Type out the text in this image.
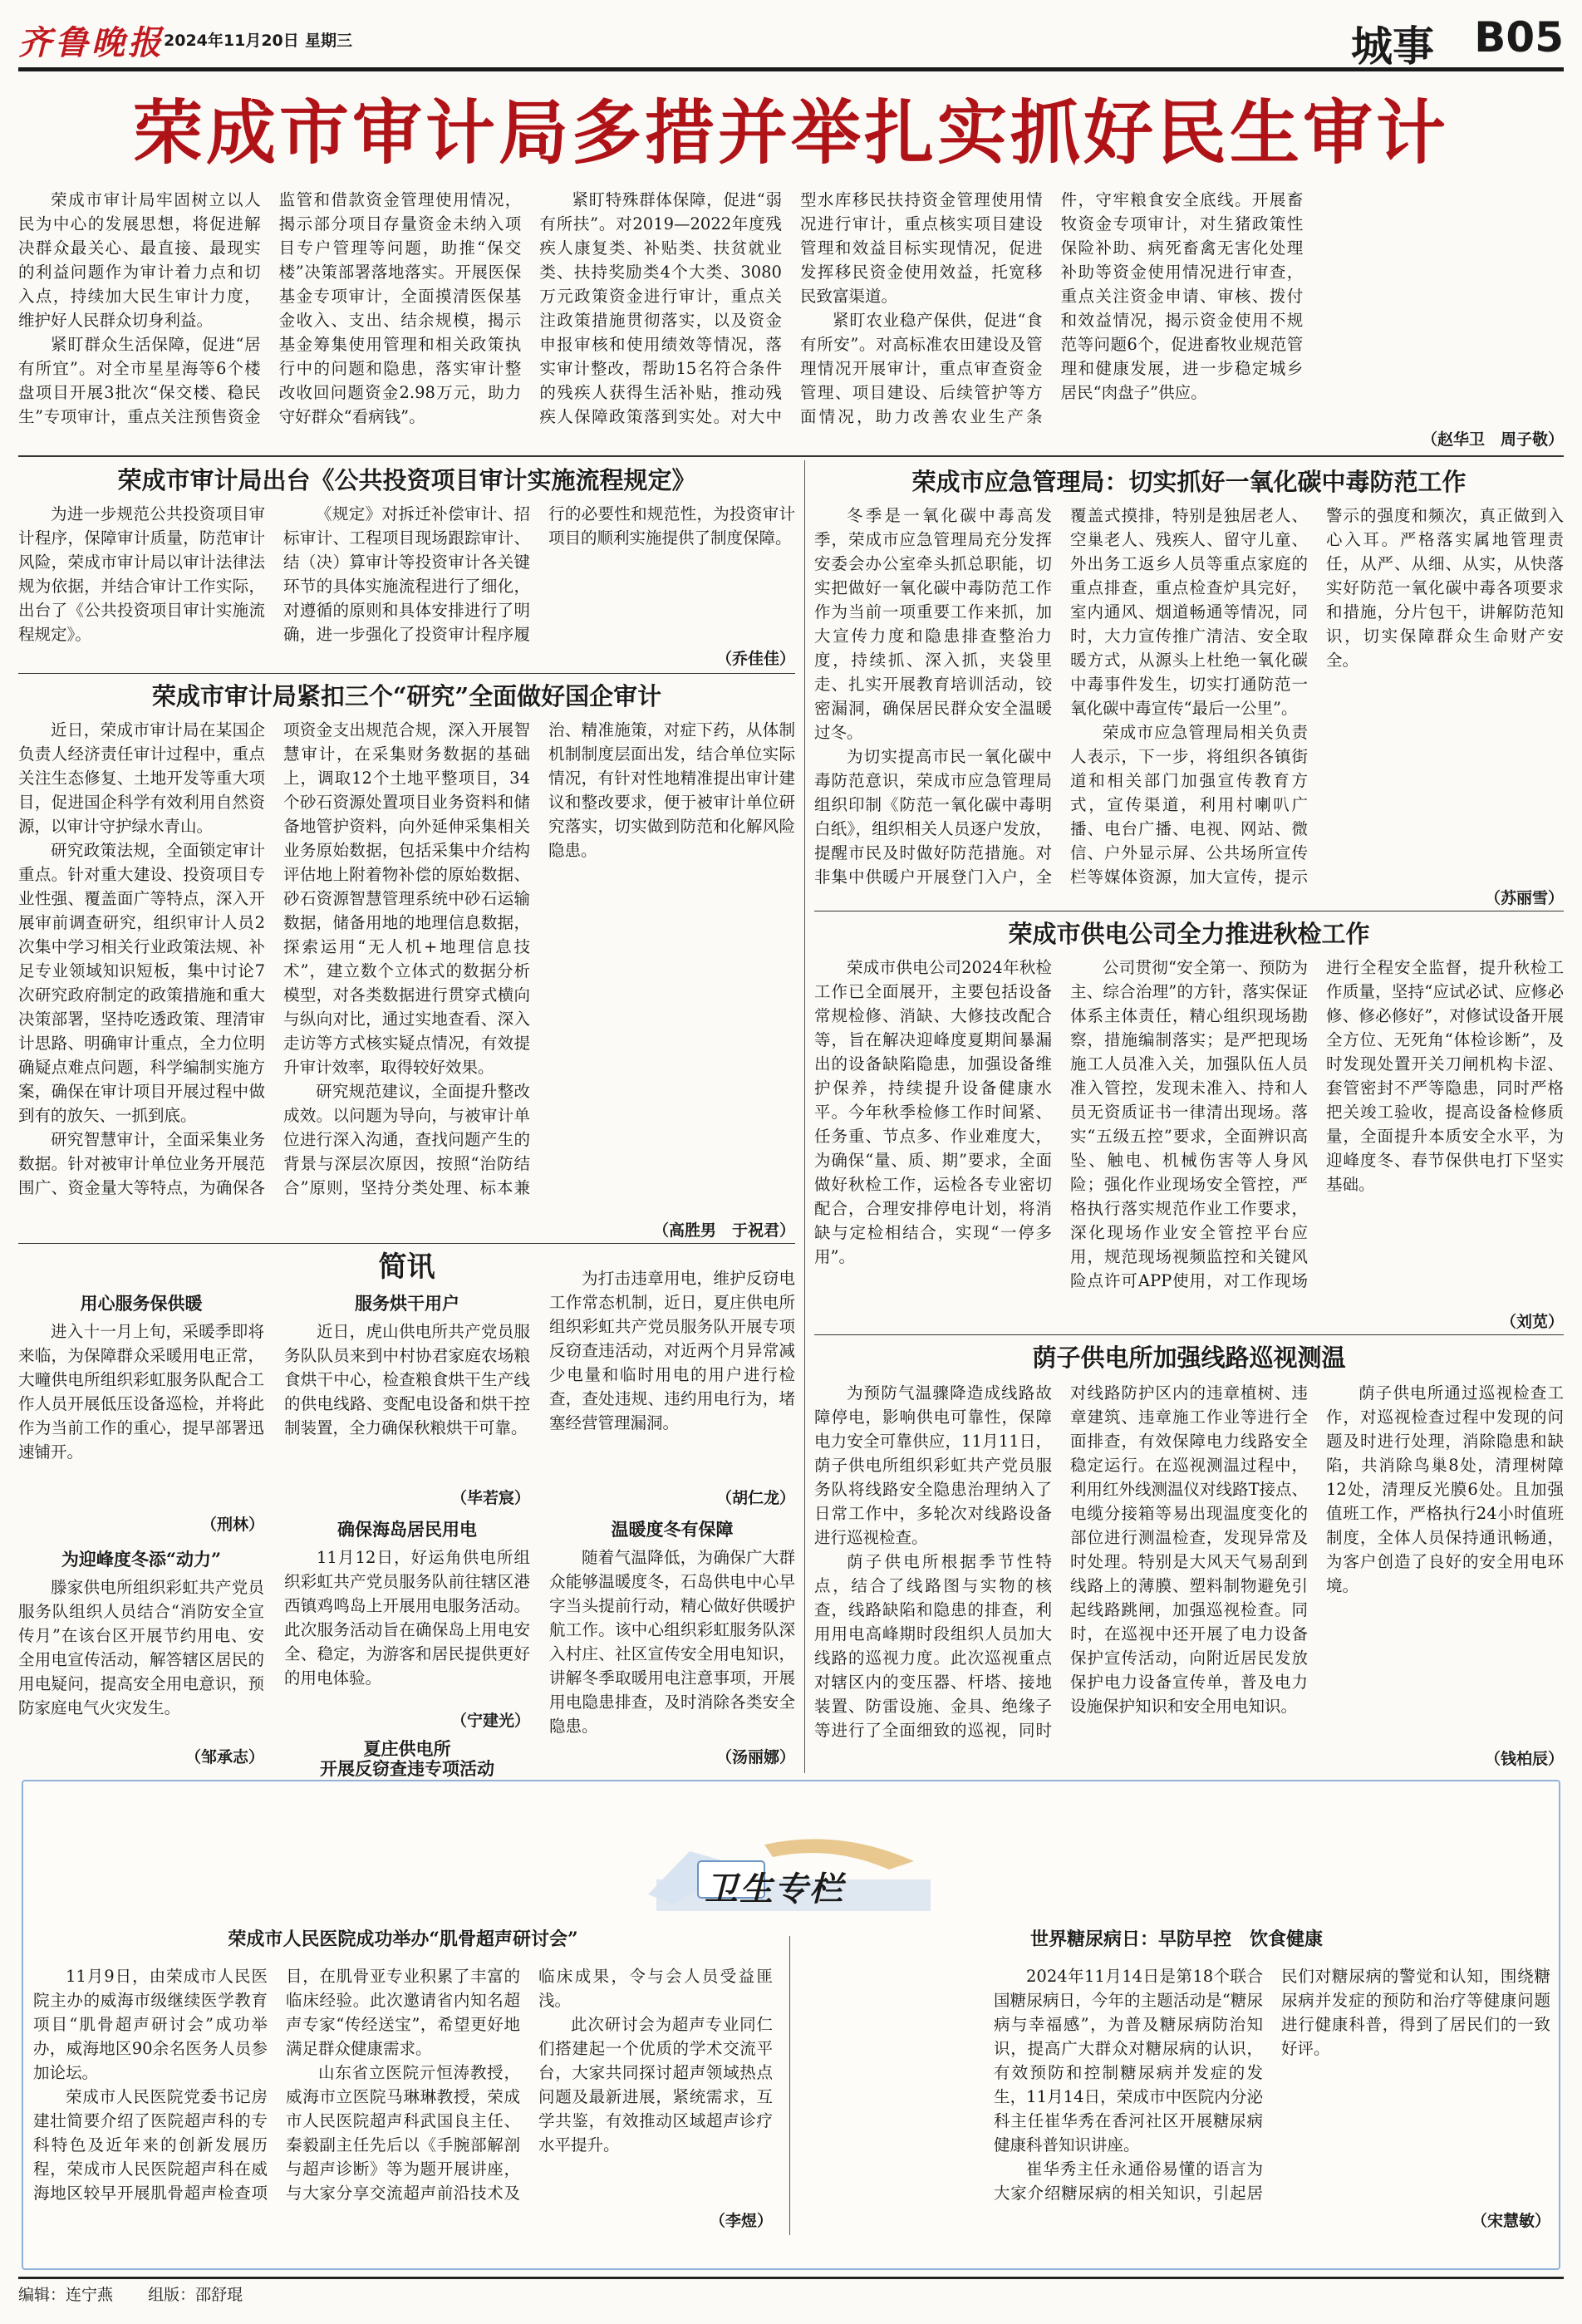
齐鲁晚报 2024年11月20日 星期三	城事 B05
荣成市审计局多措并举扎实抓好民生审计

荣成市审计局牢固树立以人民为中心的发展思想，将促进解决群众最关心、最直接、最现实的利益问题作为审计着力点和切入点，持续加大民生审计力度，维护好人民群众切身利益。

紧盯群众生活保障，促进“居有所宜”。对全市星星海等6个楼盘项目开展3批次“保交楼、稳民生”专项审计，重点关注预售资金监管和借款资金管理使用情况，揭示部分项目存量资金未纳入项目专户管理等问题，助推“保交楼”决策部署落地落实。开展医保基金专项审计，全面摸清医保基金收入、支出、结余规模，揭示基金筹集使用管理和相关政策执行中的问题和隐患，落实审计整改收回问题资金2.98万元，助力守好群众“看病钱”。

紧盯特殊群体保障，促进“弱有所扶”。对2019—2022年度残疾人康复类、补贴类、扶贫就业类、扶持奖励类4个大类、3080万元政策资金进行审计，重点关注政策措施贯彻落实，以及资金申报审核和使用绩效等情况，落实审计整改，帮助15名符合条件的残疾人获得生活补贴，推动残疾人保障政策落到实处。对大中型水库移民扶持资金管理使用情况进行审计，重点核实项目建设管理和效益目标实现情况，促进发挥移民资金使用效益，托宽移民致富渠道。

紧盯农业稳产保供，促进“食有所安”。对高标准农田建设及管理情况开展审计，重点审查资金管理、项目建设、后续管护等方面情况，助力改善农业生产条件，守牢粮食安全底线。开展畜牧资金专项审计，对生猪政策性保险补助、病死畜禽无害化处理补助等资金使用情况进行审查，重点关注资金申请、审核、拨付和效益情况，揭示资金使用不规范等问题6个，促进畜牧业规范管理和健康发展，进一步稳定城乡居民“肉盘子”供应。

（赵华卫　周子敬）
荣成市审计局出台《公共投资项目审计实施流程规定》

为进一步规范公共投资项目审计程序，保障审计质量，防范审计风险，荣成市审计局以审计法律法规为依据，并结合审计工作实际，出台了《公共投资项目审计实施流程规定》。

《规定》对拆迁补偿审计、招标审计、工程项目现场跟踪审计、结（决）算审计等投资审计各关键环节的具体实施流程进行了细化，对遵循的原则和具体安排进行了明确，进一步强化了投资审计程序履行的必要性和规范性，为投资审计项目的顺利实施提供了制度保障。

（乔佳佳）
荣成市审计局紧扣三个“研究”全面做好国企审计

近日，荣成市审计局在某国企负责人经济责任审计过程中，重点关注生态修复、土地开发等重大项目，促进国企科学有效利用自然资源，以审计守护绿水青山。

研究政策法规，全面锁定审计重点。针对重大建设、投资项目专业性强、覆盖面广等特点，深入开展审前调查研究，组织审计人员2次集中学习相关行业政策法规、补足专业领域知识短板，集中讨论7次研究政府制定的政策措施和重大决策部署，坚持吃透政策、理清审计思路、明确审计重点，全力位明确疑点难点问题，科学编制实施方案，确保在审计项目开展过程中做到有的放矢、一抓到底。

研究智慧审计，全面采集业务数据。针对被审计单位业务开展范围广、资金量大等特点，为确保各项资金支出规范合规，深入开展智慧审计，在采集财务数据的基础上，调取12个土地平整项目，34个砂石资源处置项目业务资料和储备地管护资料，向外延伸采集相关业务原始数据，包括采集中介结构评估地上附着物补偿的原始数据、砂石资源智慧管理系统中砂石运输数据，储备用地的地理信息数据，探索运用“无人机+地理信息技术”，建立数个立体式的数据分析模型，对各类数据进行贯穿式横向与纵向对比，通过实地查看、深入走访等方式核实疑点情况，有效提升审计效率，取得较好效果。

研究规范建议，全面提升整改成效。以问题为导向，与被审计单位进行深入沟通，查找问题产生的背景与深层次原因，按照“治防结合”原则，坚持分类处理、标本兼治、精准施策，对症下药，从体制机制制度层面出发，结合单位实际情况，有针对性地精准提出审计建议和整改要求，便于被审计单位研究落实，切实做到防范和化解风险隐患。

（高胜男　于祝君）
简讯
用心服务保供暖

进入十一月上旬，采暖季即将来临，为保障群众采暖用电正常，大疃供电所组织彩虹服务队配合工作人员开展低压设备巡检，并将此作为当前工作的重心，提早部署迅速铺开。

（刑林）
服务烘干用户

近日，虎山供电所共产党员服务队队员来到中村协君家庭农场粮食烘干中心，检查粮食烘干生产线的供电线路、变配电设备和烘干控制装置，全力确保秋粮烘干可靠。

（毕若宸）

为打击违章用电，维护反窃电工作常态机制，近日，夏庄供电所组织彩虹共产党员服务队开展专项反窃查违活动，对近两个月异常减少电量和临时用电的用户进行检查，查处违规、违约用电行为，堵塞经营管理漏洞。

（胡仁龙）
为迎峰度冬添“动力”

滕家供电所组织彩虹共产党员服务队组织人员结合“消防安全宣传月”在该台区开展节约用电、安全用电宣传活动，解答辖区居民的用电疑问，提高安全用电意识，预防家庭电气火灾发生。

（邹承志）
确保海岛居民用电

11月12日，好运角供电所组织彩虹共产党员服务队前往辖区港西镇鸡鸣岛上开展用电服务活动。此次服务活动旨在确保岛上用电安全、稳定，为游客和居民提供更好的用电体验。

（宁建光）
夏庄供电所
开展反窃查违专项活动
温暖度冬有保障

随着气温降低，为确保广大群众能够温暖度冬，石岛供电中心早字当头提前行动，精心做好供暖护航工作。该中心组织彩虹服务队深入村庄、社区宣传安全用电知识，讲解冬季取暖用电注意事项，开展用电隐患排查，及时消除各类安全隐患。

（汤丽娜）
荣成市应急管理局：切实抓好一氧化碳中毒防范工作

冬季是一氧化碳中毒高发季，荣成市应急管理局充分发挥安委会办公室牵头抓总职能，切实把做好一氧化碳中毒防范工作作为当前一项重要工作来抓，加大宣传力度和隐患排查整治力度，持续抓、深入抓，夹袋里走、扎实开展教育培训活动，铰密漏洞，确保居民群众安全温暖过冬。

为切实提高市民一氧化碳中毒防范意识，荣成市应急管理局组织印制《防范一氧化碳中毒明白纸》，组织相关人员逐户发放，提醒市民及时做好防范措施。对非集中供暖户开展登门入户，全覆盖式摸排，特别是独居老人、空巢老人、残疾人、留守儿童、外出务工返乡人员等重点家庭的重点排查，重点检查炉具完好，室内通风、烟道畅通等情况，同时，大力宣传推广清洁、安全取暖方式，从源头上杜绝一氧化碳中毒事件发生，切实打通防范一氧化碳中毒宣传“最后一公里”。

荣成市应急管理局相关负责人表示，下一步，将组织各镇街道和相关部门加强宣传教育方式，宣传渠道，利用村喇叭广播、电台广播、电视、网站、微信、户外显示屏、公共场所宣传栏等媒体资源，加大宣传，提示警示的强度和频次，真正做到入心入耳。严格落实属地管理责任，从严、从细、从实，从快落实好防范一氧化碳中毒各项要求和措施，分片包干，讲解防范知识，切实保障群众生命财产安全。

（苏丽雪）
荣成市供电公司全力推进秋检工作

荣成市供电公司2024年秋检工作已全面展开，主要包括设备常规检修、消缺、大修技改配合等，旨在解决迎峰度夏期间暴漏出的设备缺陷隐患，加强设备维护保养，持续提升设备健康水平。今年秋季检修工作时间紧、任务重、节点多、作业难度大，为确保“量、质、期”要求，全面做好秋检工作，运检各专业密切配合，合理安排停电计划，将消缺与定检相结合，实现“一停多用”。

公司贯彻“安全第一、预防为主、综合治理”的方针，落实保证体系主体责任，精心组织现场勘察，措施编制落实；是严把现场施工人员准入关，加强队伍人员准入管控，发现未准入、持和人员无资质证书一律清出现场。落实“五级五控”要求，全面辨识高坠、触电、机械伤害等人身风险；强化作业现场安全管控，严格执行落实规范作业工作要求，深化现场作业安全管控平台应用，规范现场视频监控和关键风险点许可APP使用，对工作现场进行全程安全监督，提升秋检工作质量，坚持“应试必试、应修必修、修必修好”，对修试设备开展全方位、无死角“体检诊断”，及时发现处置开关刀闸机构卡涩、套管密封不严等隐患，同时严格把关竣工验收，提高设备检修质量，全面提升本质安全水平，为迎峰度冬、春节保供电打下坚实基础。

（刘苋）
荫子供电所加强线路巡视测温

为预防气温骤降造成线路故障停电，影响供电可靠性，保障电力安全可靠供应，11月11日，荫子供电所组织彩虹共产党员服务队将线路安全隐患治理纳入了日常工作中，多轮次对线路设备进行巡视检查。

荫子供电所根据季节性特点，结合了线路图与实物的核查，线路缺陷和隐患的排查，利用用电高峰期时段组织人员加大线路的巡视力度。此次巡视重点对辖区内的变压器、杆塔、接地装置、防雷设施、金具、绝缘子等进行了全面细致的巡视，同时对线路防护区内的违章植树、违章建筑、违章施工作业等进行全面排查，有效保障电力线路安全稳定运行。在巡视测温过程中，利用红外线测温仪对线路T接点、电缆分接箱等易出现温度变化的部位进行测温检查，发现异常及时处理。特别是大风天气易刮到线路上的薄膜、塑料制物避免引起线路跳闸，加强巡视检查。同时，在巡视中还开展了电力设备保护宣传活动，向附近居民发放保护电力设备宣传单，普及电力设施保护知识和安全用电知识。

荫子供电所通过巡视检查工作，对巡视检查过程中发现的问题及时进行处理，消除隐患和缺陷，共消除鸟巢8处，清理树障12处，清理反光膜6处。且加强值班工作，严格执行24小时值班制度，全体人员保持通讯畅通，为客户创造了良好的安全用电环境。

（钱柏辰）
卫生专栏
荣成市人民医院成功举办“肌骨超声研讨会”

11月9日，由荣成市人民医院主办的威海市级继续医学教育项目“肌骨超声研讨会”成功举办，威海地区90余名医务人员参加论坛。

荣成市人民医院党委书记房建壮简要介绍了医院超声科的专科特色及近年来的创新发展历程，荣成市人民医院超声科在威海地区较早开展肌骨超声检查项目，在肌骨亚专业积累了丰富的临床经验。此次邀请省内知名超声专家“传经送宝”，希望更好地满足群众健康需求。

山东省立医院亓恒涛教授，威海市立医院马琳琳教授，荣成市人民医院超声科武国良主任、秦毅副主任先后以《手腕部解剖与超声诊断》等为题开展讲座，与大家分享交流超声前沿技术及临床成果，令与会人员受益匪浅。

此次研讨会为超声专业同仁们搭建起一个优质的学术交流平台，大家共同探讨超声领域热点问题及最新进展，紧统需求，互学共鉴，有效推动区域超声诊疗水平提升。

（李煜）
世界糖尿病日：早防早控　饮食健康

2024年11月14日是第18个联合国糖尿病日，今年的主题活动是“糖尿病与幸福感”，为普及糖尿病防治知识，提高广大群众对糖尿病的认识，有效预防和控制糖尿病并发症的发生，11月14日，荣成市中医院内分泌科主任崔华秀在香河社区开展糖尿病健康科普知识讲座。

崔华秀主任永通俗易懂的语言为大家介绍糖尿病的相关知识，引起居民们对糖尿病的警觉和认知，围绕糖尿病并发症的预防和治疗等健康问题进行健康科普，得到了居民们的一致好评。

（宋慧敏）
编辑：连宁燕 组版：邵舒琨
